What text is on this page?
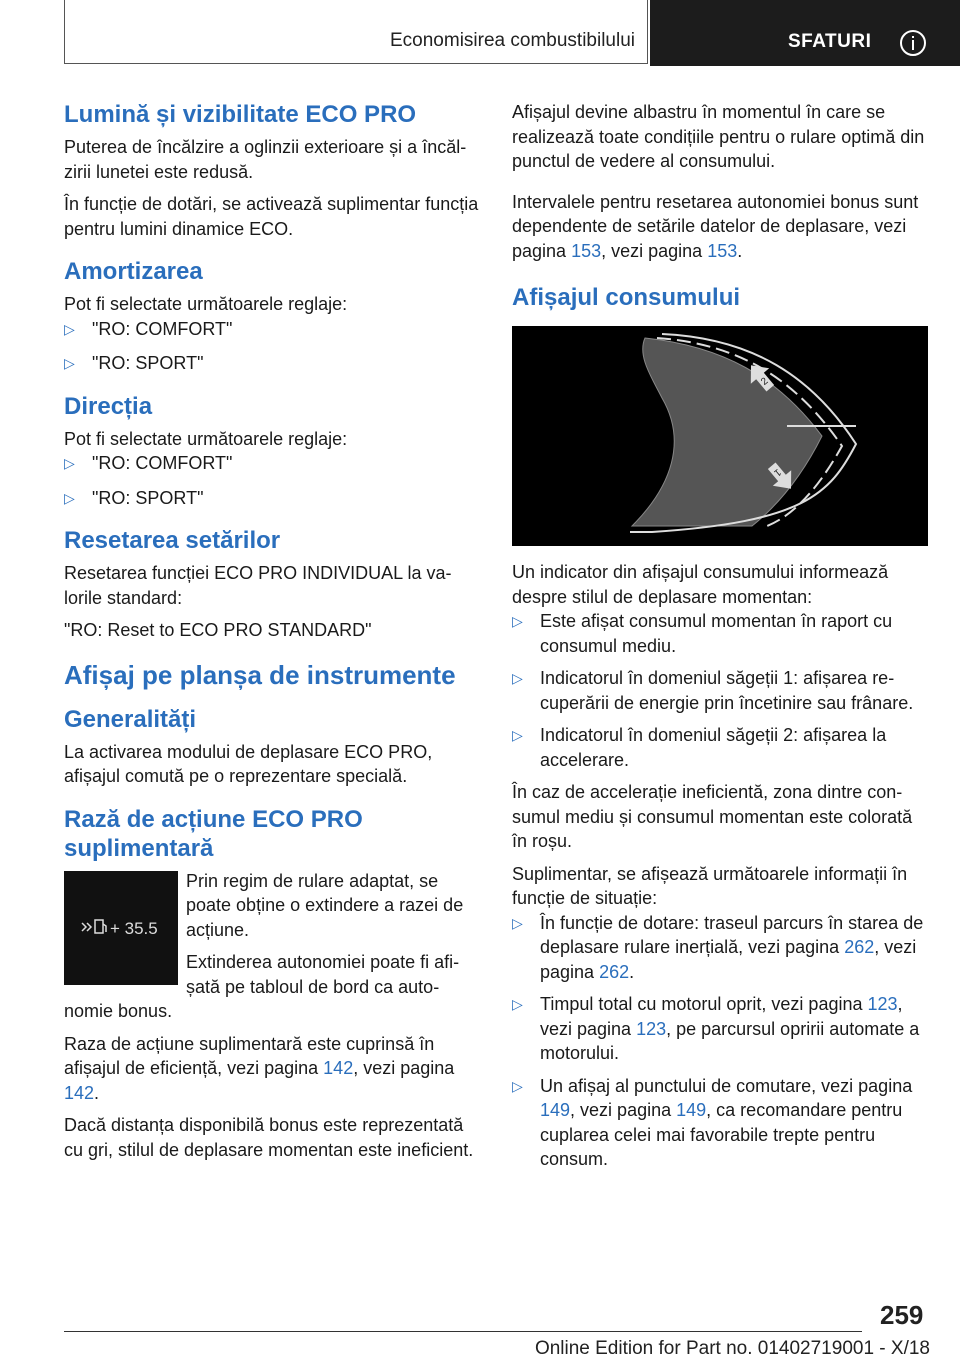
Economisirea combustibilului	SFATURI
Lumină și vizibilitate ECO PRO

Puterea de încălzire a oglinzii exterioare și a încălzirii lunetei este redusă.

În funcție de dotări, se activează suplimentar funcția pentru lumini dinamice ECO.

Amortizarea

Pot fi selectate următoarele reglaje:

▷ "RO: COMFORT"
▷ "RO: SPORT"
Direcția

Pot fi selectate următoarele reglaje:

▷ "RO: COMFORT"
▷ "RO: SPORT"
Resetarea setărilor

Resetarea funcției ECO PRO INDIVIDUAL la valorile standard:

"RO: Reset to ECO PRO STANDARD"

Afișaj pe planșa de instrumente
Generalități

La activarea modului de deplasare ECO PRO, afișajul comută pe o reprezentare specială.

Rază de acțiune ECO PRO suplimentară
+ 35.5

Prin regim de rulare adaptat, se poate obține o extindere a razei de acțiune.

Extinderea autonomiei poate fi afișată pe tabloul de bord ca autonomie bonus.

Raza de acțiune suplimentară este cuprinsă în afișajul de eficiență, vezi pagina 142, vezi pagina 142.

Dacă distanța disponibilă bonus este reprezentată cu gri, stilul de deplasare momentan este ineficient.

Afișajul devine albastru în momentul în care se realizează toate condițiile pentru o rulare optimă din punctul de vedere al consumului.

Intervalele pentru resetarea autonomiei bonus sunt dependente de setările datelor de deplasare, vezi pagina 153, vezi pagina 153.

Afișajul consumului
2
1

Un indicator din afișajul consumului informează despre stilul de deplasare momentan:

▷ Este afișat consumul momentan în raport cu consumul mediu.
▷ Indicatorul în domeniul săgeții 1: afișarea recuperării de energie prin încetinire sau frânare.
▷ Indicatorul în domeniul săgeții 2: afișarea la accelerare.

În caz de accelerație ineficientă, zona dintre consumul mediu și consumul momentan este colorată în roșu.

Suplimentar, se afișează următoarele informații în funcție de situație:

▷ În funcție de dotare: traseul parcurs în starea de deplasare rulare inerțială, vezi pagina 262, vezi pagina 262.
▷ Timpul total cu motorul oprit, vezi pagina 123, vezi pagina 123, pe parcursul opririi automate a motorului.
▷ Un afișaj al punctului de comutare, vezi pagina 149, vezi pagina 149, ca recomandare pentru cuplarea celei mai favorabile trepte pentru consum.
259
Online Edition for Part no. 01402719001 - X/18
